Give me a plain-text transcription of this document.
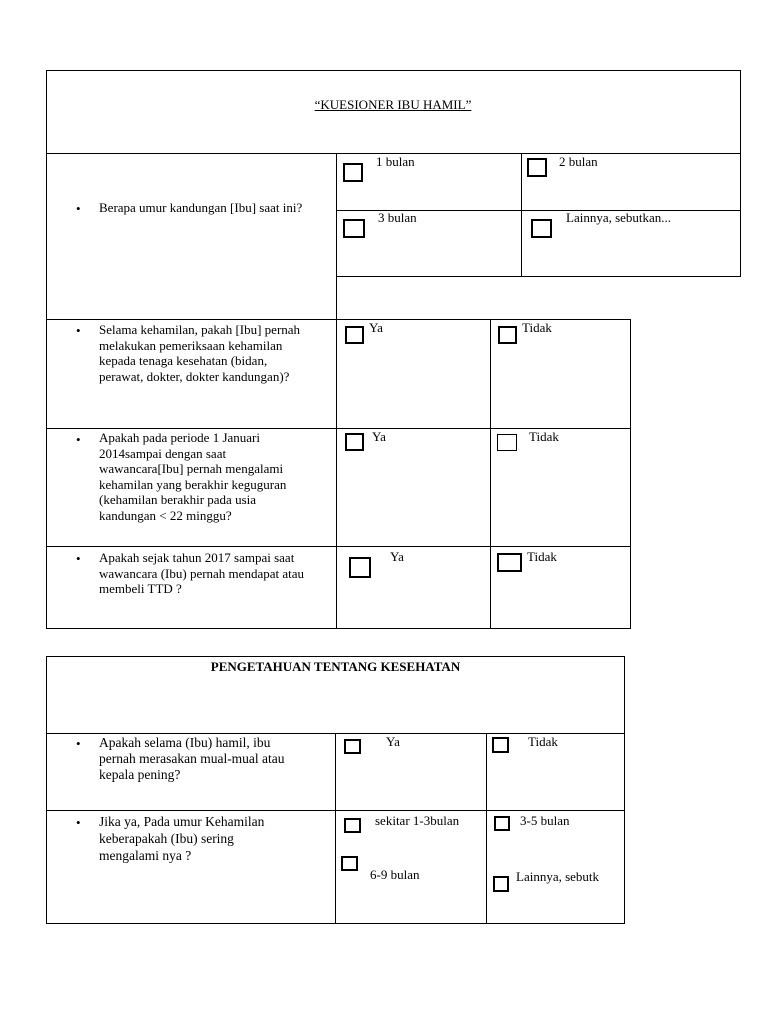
“KUESIONER IBU HAMIL”
• Berapa umur kandungan [Ibu] saat ini?
1 bulan	2 bulan
3 bulan	Lainnya, sebutkan...
• Selama kehamilan, pakah [Ibu] pernah
melakukan pemeriksaan kehamilan
kepada tenaga kesehatan (bidan,
perawat, dokter, dokter kandungan)?
Ya	Tidak
• Apakah pada periode 1 Januari
2014sampai dengan saat
wawancara[Ibu] pernah mengalami
kehamilan yang berakhir keguguran
(kehamilan berakhir pada usia
kandungan < 22 minggu?
Ya	Tidak
• Apakah sejak tahun 2017 sampai saat
wawancara (Ibu) pernah mendapat atau
membeli TTD ?
Ya	Tidak
PENGETAHUAN TENTANG KESEHATAN
• Apakah selama (Ibu) hamil, ibu
pernah merasakan mual-mual atau
kepala pening?
Ya	Tidak
• Jika ya, Pada umur Kehamilan
keberapakah (Ibu) sering
mengalami nya ?
sekitar 1-3bulan	3-5 bulan
6-9 bulan	Lainnya, sebutk
